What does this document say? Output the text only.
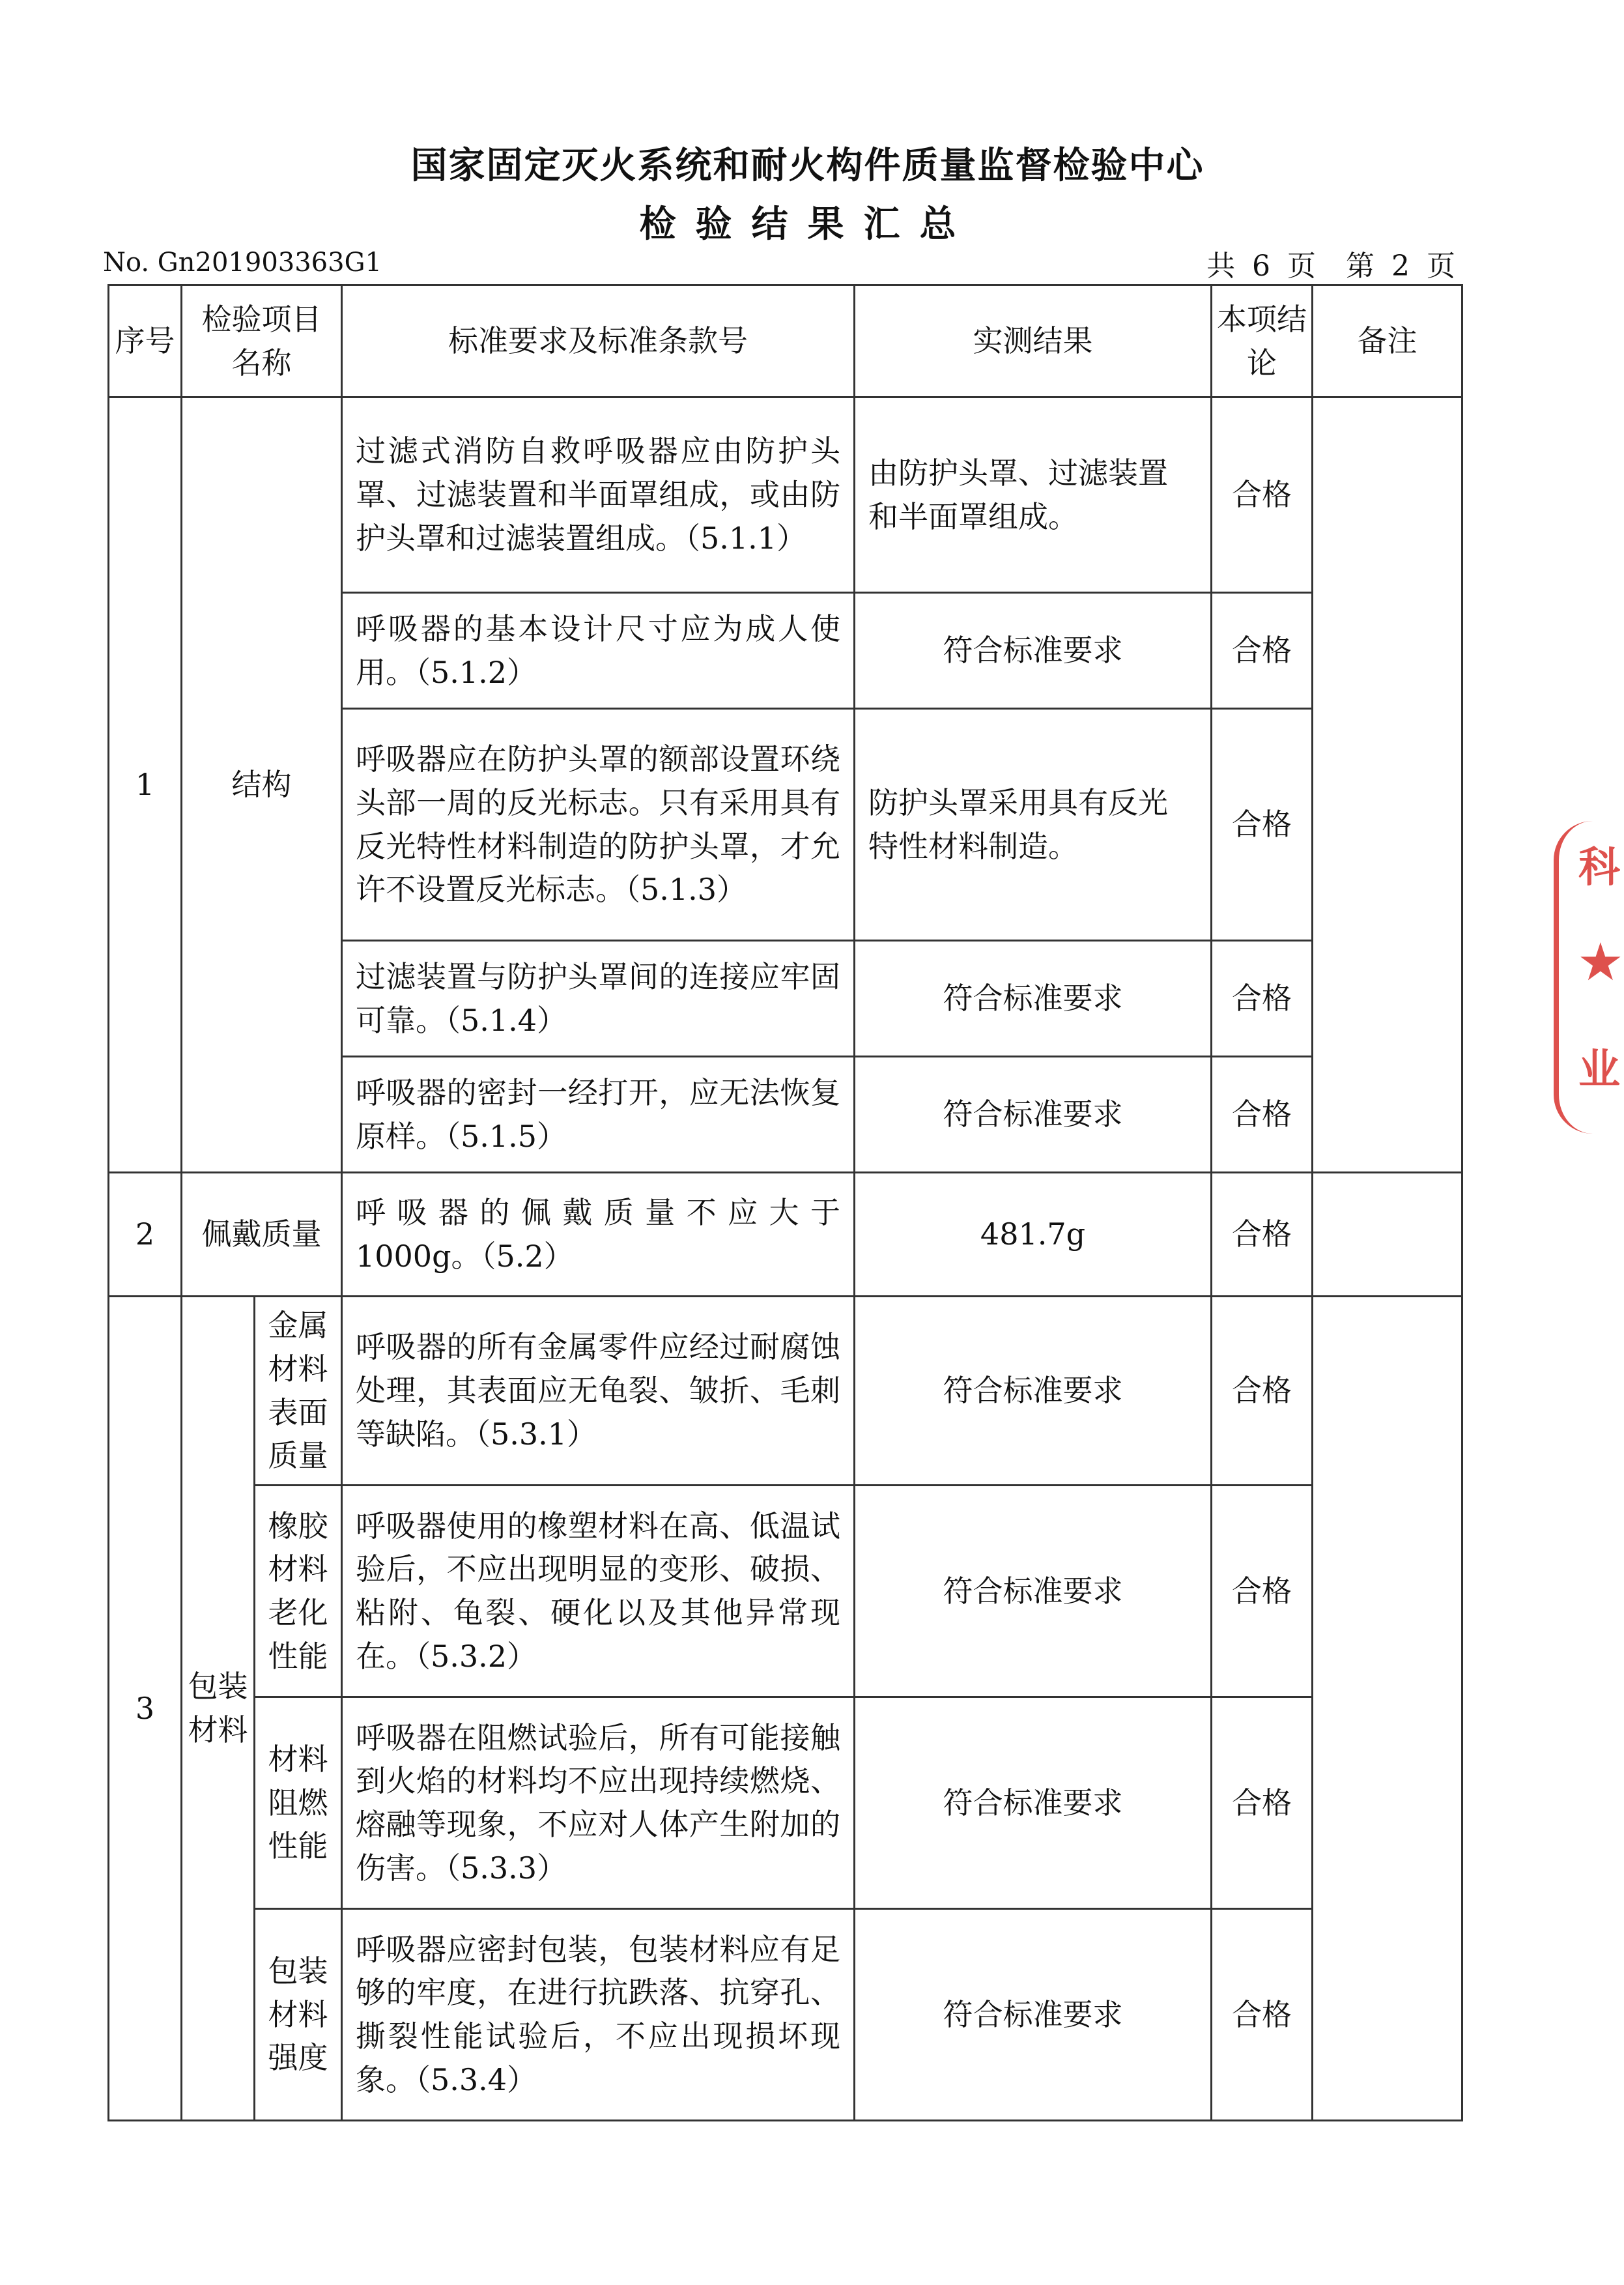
国家固定灭火系统和耐火构件质量监督检验中心
检验结果汇总
No. Gn201903363G1	共 6 页 第 2 页
序号	检验项目名称		标准要求及标准条款号	实测结果	本项结论	备注
1	结构		过滤式消防自救呼吸器应由防护头罩、过滤装置和半面罩组成，或由防护头罩和过滤装置组成。（5.1.1）	由防护头罩、过滤装置和半面罩组成。	合格	
			呼吸器的基本设计尺寸应为成人使用。（5.1.2）	符合标准要求	合格	
			呼吸器应在防护头罩的额部设置环绕头部一周的反光标志。只有采用具有反光特性材料制造的防护头罩，才允许不设置反光标志。（5.1.3）	防护头罩采用具有反光特性材料制造。	合格	
			过滤装置与防护头罩间的连接应牢固可靠。（5.1.4）	符合标准要求	合格	
			呼吸器的密封一经打开，应无法恢复原样。（5.1.5）	符合标准要求	合格	
2	佩戴质量		呼吸器的佩戴质量不应大于1000g。（5.2）	481.7g	合格	
3	包装材料	金属材料表面质量	呼吸器的所有金属零件应经过耐腐蚀处理，其表面应无龟裂、皱折、毛刺等缺陷。（5.3.1）	符合标准要求	合格	
		橡胶材料老化性能	呼吸器使用的橡塑材料在高、低温试验后，不应出现明显的变形、破损、粘附、龟裂、硬化以及其他异常现在。（5.3.2）	符合标准要求	合格	
		材料阻燃性能	呼吸器在阻燃试验后，所有可能接触到火焰的材料均不应出现持续燃烧、熔融等现象，不应对人体产生附加的伤害。（5.3.3）	符合标准要求	合格	
		包装材料强度	呼吸器应密封包装，包装材料应有足够的牢度，在进行抗跌落、抗穿孔、撕裂性能试验后，不应出现损坏现象。（5.3.4）	符合标准要求	合格	
科
★
业
